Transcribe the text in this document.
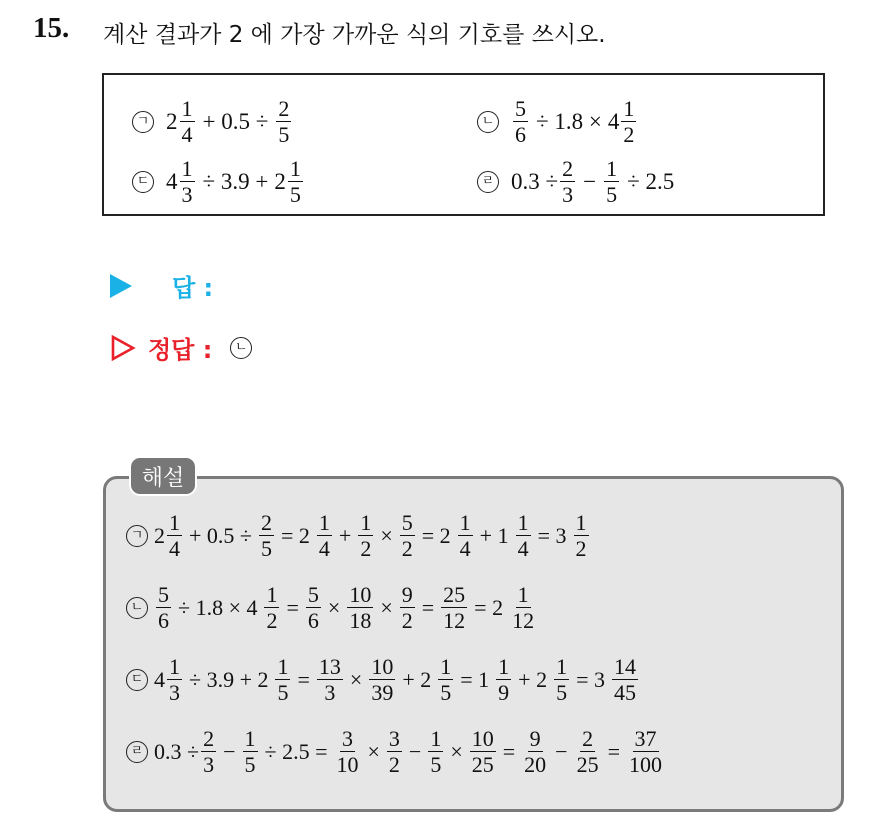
15. 계산 결과가 2 에 가장 가까운 식의 기호를 쓰시오.
ㄱ $2 \frac{1}{4} + 0.5 \div \frac{2}{5}$	ㄴ $\frac{5}{6} \div 1.8 \times 4 \frac{1}{2}$
ㄷ $4 \frac{1}{3} \div 3.9 + 2 \frac{1}{5}$	ㄹ $0.3 \div \frac{2}{3} - \frac{1}{5} \div 2.5$
답 :
정답 :	ㄴ
해설
ㄱ $2 \frac{1}{4} + 0.5 \div \frac{2}{5} = 2 \frac{1}{4} + \frac{1}{2} \times \frac{5}{2} = 2 \frac{1}{4} + 1 \frac{1}{4} = 3 \frac{1}{2}$
ㄴ $\frac{5}{6} \div 1.8 \times 4 \frac{1}{2} = \frac{5}{6} \times \frac{10}{18} \times \frac{9}{2} = \frac{25}{12} = 2 \frac{1}{12}$
ㄷ $4 \frac{1}{3} \div 3.9 + 2 \frac{1}{5} = \frac{13}{3} \times \frac{10}{39} + 2 \frac{1}{5} = 1 \frac{1}{9} + 2 \frac{1}{5} = 3 \frac{14}{45}$
ㄹ $0.3 \div \frac{2}{3} - \frac{1}{5} \div 2.5 = \frac{3}{10} \times \frac{3}{2} - \frac{1}{5} \times \frac{10}{25} = \frac{9}{20} - \frac{2}{25} = \frac{37}{100}$
